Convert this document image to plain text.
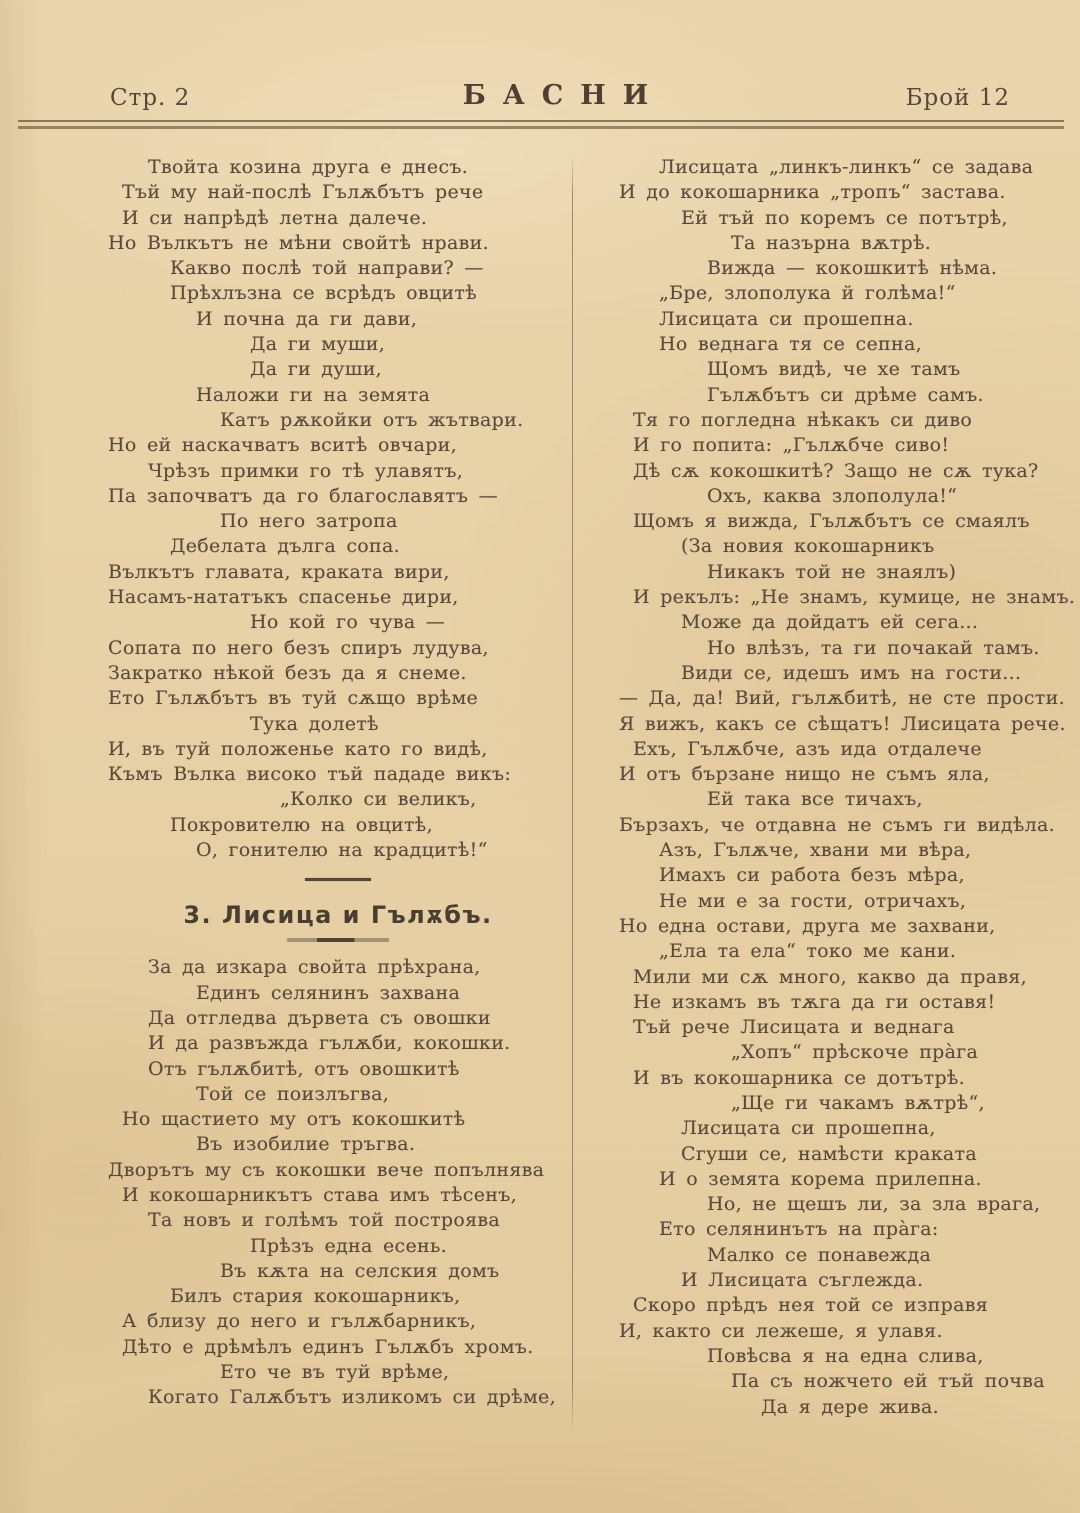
Стр. 2	БАСНИ	Брой 12
Твойта козина друга е днесъ.
Тъй му най-послѣ Гълѫбътъ рече
И си напрѣдѣ летна далече.
Но Вълкътъ не мѣни свойтѣ нрави.
Какво послѣ той направи? —
Прѣхлъзна се всрѣдъ овцитѣ
И почна да ги дави,
Да ги муши,
Да ги души,
Наложи ги на земята
Катъ рѫкойки отъ жътвари.
Но ей наскачватъ вситѣ овчари,
Чрѣзъ примки го тѣ улавятъ,
Па започватъ да го благославятъ —
По него затропа
Дебелата дълга сопа.
Вълкътъ главата, краката вири,
Насамъ-нататъкъ спасенье дири,
Но кой го чува —
Сопата по него безъ спиръ лудува,
Закратко нѣкой безъ да я снеме.
Ето Гълѫбътъ въ туй сѫщо врѣме
Тука долетѣ
И, въ туй положенье като го видѣ,
Къмъ Вълка високо тъй пададе викъ:
„Колко си великъ,
Покровителю на овцитѣ,
О, гонителю на крадцитѣ!“
3. Лисица и Гълѫбъ.
За да изкара свойта прѣхрана,
Единъ селянинъ захвана
Да отгледва дървета съ овошки
И да развъжда гълѫби, кокошки.
Отъ гълѫбитѣ, отъ овошкитѣ
Той се поизлъгва,
Но щастието му отъ кокошкитѣ
Въ изобилие тръгва.
Дворътъ му съ кокошки вече попълнява
И кокошарникътъ става имъ тѣсенъ,
Та новъ и голѣмъ той построява
Прѣзъ една есень.
Въ кѫта на селския домъ
Билъ стария кокошарникъ,
А близу до него и гълѫбарникъ,
Дѣто е дрѣмѣлъ единъ Гълѫбъ хромъ.
Ето че въ туй врѣме,
Когато Галѫбътъ изликомъ си дрѣме,
Лисицата „линкъ-линкъ“ се задава
И до кокошарника „тропъ“ застава.
Ей тъй по коремъ се потътрѣ,
Та назърна вѫтрѣ.
Вижда — кокошкитѣ нѣма.
„Бре, злополука й голѣма!“
Лисицата си прошепна.
Но веднага тя се сепна,
Щомъ видѣ, че хе тамъ
Гълѫбътъ си дрѣме самъ.
Тя го погледна нѣкакъ си диво
И го попита: „Гълѫбче сиво!
Дѣ сѫ кокошкитѣ? Защо не сѫ тука?
Охъ, каква злополула!“
Щомъ я вижда, Гълѫбътъ се смаялъ
(За новия кокошарникъ
Никакъ той не знаялъ)
И рекълъ: „Не знамъ, кумице, не знамъ.
Може да дойдатъ ей сега...
Но влѣзъ, та ги почакай тамъ.
Види се, идешъ имъ на гости...
— Да, да! Вий, гълѫбитѣ, не сте прости.
Я вижъ, какъ се сѣщатъ! Лисицата рече.
Ехъ, Гълѫбче, азъ ида отдалече
И отъ бързане нищо не съмъ яла,
Ей така все тичахъ,
Бързахъ, че отдавна не съмъ ги видѣла.
Азъ, Гълѫче, хвани ми вѣра,
Имахъ си работа безъ мѣра,
Не ми е за гости, отричахъ,
Но една остави, друга ме захвани,
„Ела та ела“ токо ме кани.
Мили ми сѫ много, какво да правя,
Не изкамъ въ тѫга да ги оставя!
Тъй рече Лисицата и веднага
„Хопъ“ прѣскоче пра̀га
И въ кокошарника се дотътрѣ.
„Ще ги чакамъ вѫтрѣ“,
Лисицата си прошепна,
Сгуши се, намѣсти краката
И о земята корема прилепна.
Но, не щешъ ли, за зла врага,
Ето селянинътъ на пра̀га:
Малко се понавежда
И Лисицата съглежда.
Скоро прѣдъ нея той се изправя
И, както си лежеше, я улавя.
Повѣсва я на една слива,
Па съ ножчето ей тъй почва
Да я дере жива.
